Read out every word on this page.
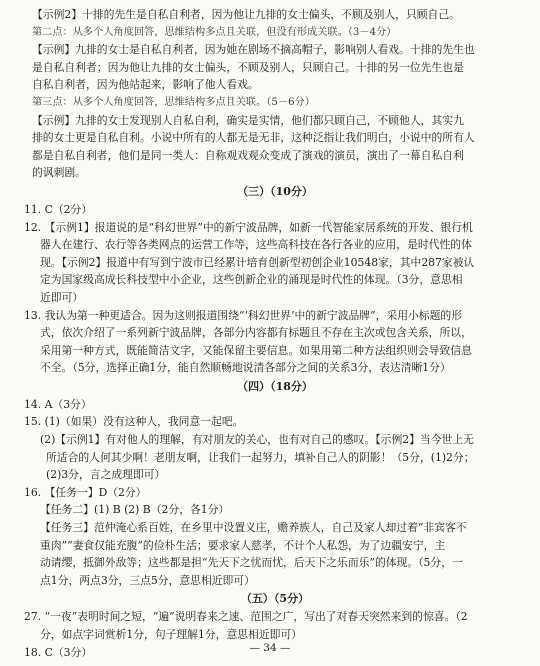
【示例2】十排的先生是自私自利者，因为他让九排的女士偏头，不顾及别人，只顾自己。
第二点：从多个人角度回答，思维结构多点且关联，但没有形成关联。（3－4分）
【示例】九排的女士是自私自利者，因为她在剧场不摘高帽子，影响别人看戏。十排的先生也
是自私自利者；因为他让九排的女士偏头，不顾及别人，只顾自己。十排的另一位先生也是
自私自利者，因为他站起来，影响了他人看戏。
第三点：从多个人角度回答，思维结构多点且关联。（5－6分）
【示例】九排的女士发现别人自私自利，确实是实情，他们都只顾自己，不顾他人，其实九
排的女士更是自私自利。小说中所有的人都无是无非，这种泛指让我们明白，小说中的所有人
都是自私自利者，他们是同一类人：自称观戏观众变成了演戏的演员，演出了一幕自私自利
的讽刺剧。
（三）（10分）
11. C（2分）
12. 【示例1】报道说的是“科幻世界”中的新宁波品牌，如新一代智能家居系统的开发、银行机
器人在建行、农行等各类网点的运营工作等，这些高科技在各行各业的应用，是时代性的体
现。【示例2】报道中有写到宁波市已经累计培育创新型初创企业10548家，其中287家被认
定为国家级高成长科技型中小企业，这些创新企业的涌现是时代性的体现。（3分，意思相
近即可）
13. 我认为第一种更适合。因为这则报道围绕“‘科幻世界’中的新宁波品牌”，采用小标题的形
式，依次介绍了一系列新宁波品牌，各部分内容都有标题且不存在主次或包含关系，所以，
采用第一种方式，既能简洁文字，又能保留主要信息。如果用第二种方法组织则会导致信息
不全。（5分，选择正确1分，能自然顺畅地说清各部分之间的关系3分，表达清晰1分）
（四）（18分）
14. A（3分）
15. (1)（如果）没有这种人，我同意一起吧。
(2)【示例1】有对他人的理解，有对朋友的关心，也有对自己的感叹。【示例2】当今世上无
所适合的人何其少啊！老朋友啊，让我们一起努力，填补自己人的阴影！（5分，(1)2分；
(2)3分，言之成理即可）
16. 【任务一】D（2分）
【任务二】(1) B (2) B（2分，各1分）
【任务三】范仲淹心系百姓，在乡里中设置义庄，赡养族人，自己及家人却过着“非宾客不
重肉”“妻食仅能充腹”的俭朴生活；要求家人慈孝，不计个人私怨，为了边疆安宁，主
动请缨，抵御外敌等；这些都是担“先天下之忧而忧，后天下之乐而乐”的体现。（5分，一
点1分，两点3分，三点5分，意思相近即可）
（五）（5分）
27. “一夜”表明时间之短，“遍”说明春来之速、范围之广，写出了对春天突然来到的惊喜。（2
分，如点字词赏析1分，句子理解1分，意思相近即可）
18. C（3分）	— 34 —
